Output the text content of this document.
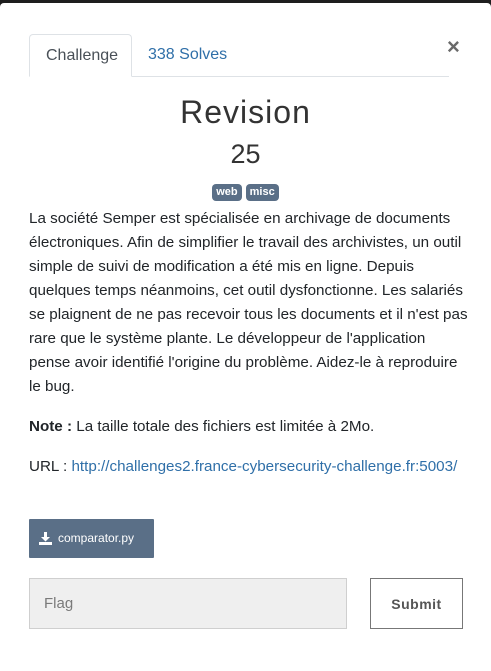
×
Challenge	338 Solves
Revision
25
web misc

La société Semper est spécialisée en archivage de documents électroniques. Afin de simplifier le travail des archivistes, un outil simple de suivi de modification a été mis en ligne. Depuis quelques temps néanmoins, cet outil dysfonctionne. Les salariés se plaignent de ne pas recevoir tous les documents et il n'est pas rare que le système plante. Le développeur de l'application pense avoir identifié l'origine du problème. Aidez-le à reproduire le bug.

Note : La taille totale des fichiers est limitée à 2Mo.

URL : http://challenges2.france-cybersecurity-challenge.fr:5003/

comparator.py
Flag
Submit
